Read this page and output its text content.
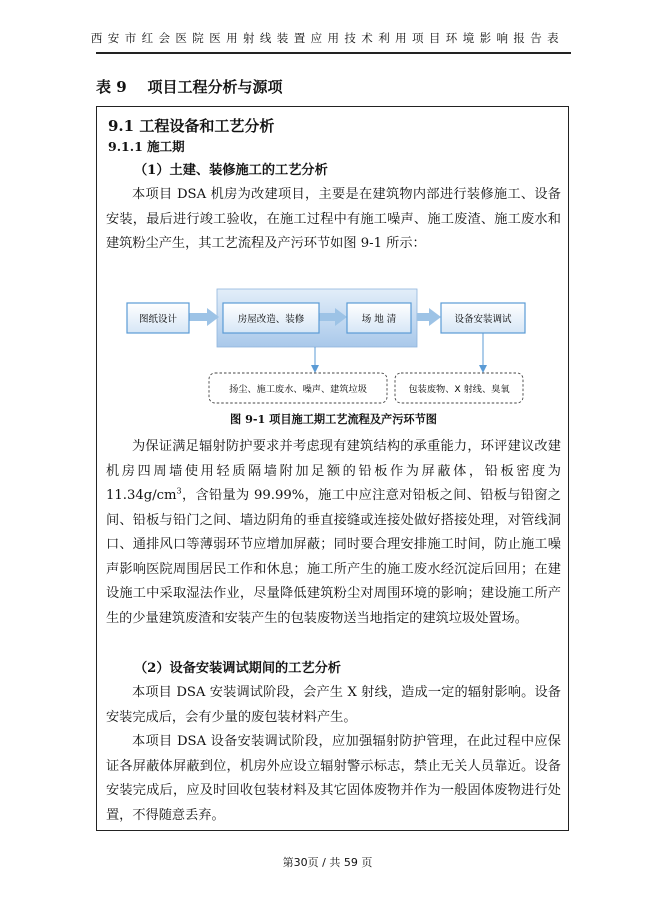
西安市红会医院医用射线装置应用技术利用项目环境影响报告表
表 9    项目工程分析与源项
9.1 工程设备和工艺分析
9.1.1 施工期
（1）土建、装修施工的工艺分析

本项目 DSA 机房为改建项目，主要是在建筑物内部进行装修施工、设备安装，最后进行竣工验收，在施工过程中有施工噪声、施工废渣、施工废水和建筑粉尘产生，其工艺流程及产污环节如图 9-1 所示：

图纸设计	房屋改造、装修	场 地 清	设备安装调试
扬尘、施工废水、噪声、建筑垃圾	包装废物、X 射线、臭氧
图 9-1 项目施工期工艺流程及产污环节图

为保证满足辐射防护要求并考虑现有建筑结构的承重能力，环评建议改建机房四周墙使用轻质隔墙附加足额的铅板作为屏蔽体，铅板密度为 $11.34g/cm^3$，含铅量为 99.99%，施工中应注意对铅板之间、铅板与铅窗之间、铅板与铅门之间、墙边阴角的垂直接缝或连接处做好搭接处理，对管线洞口、通排风口等薄弱环节应增加屏蔽；同时要合理安排施工时间，防止施工噪声影响医院周围居民工作和休息；施工所产生的施工废水经沉淀后回用；在建设施工中采取湿法作业，尽量降低建筑粉尘对周围环境的影响；建设施工所产生的少量建筑废渣和安装产生的包装废物送当地指定的建筑垃圾处置场。

（2）设备安装调试期间的工艺分析

本项目 DSA 安装调试阶段，会产生 X 射线，造成一定的辐射影响。设备安装完成后，会有少量的废包装材料产生。

本项目 DSA 设备安装调试阶段，应加强辐射防护管理，在此过程中应保证各屏蔽体屏蔽到位，机房外应设立辐射警示标志，禁止无关人员靠近。设备安装完成后，应及时回收包装材料及其它固体废物并作为一般固体废物进行处置，不得随意丢弃。

第30页 / 共 59 页
